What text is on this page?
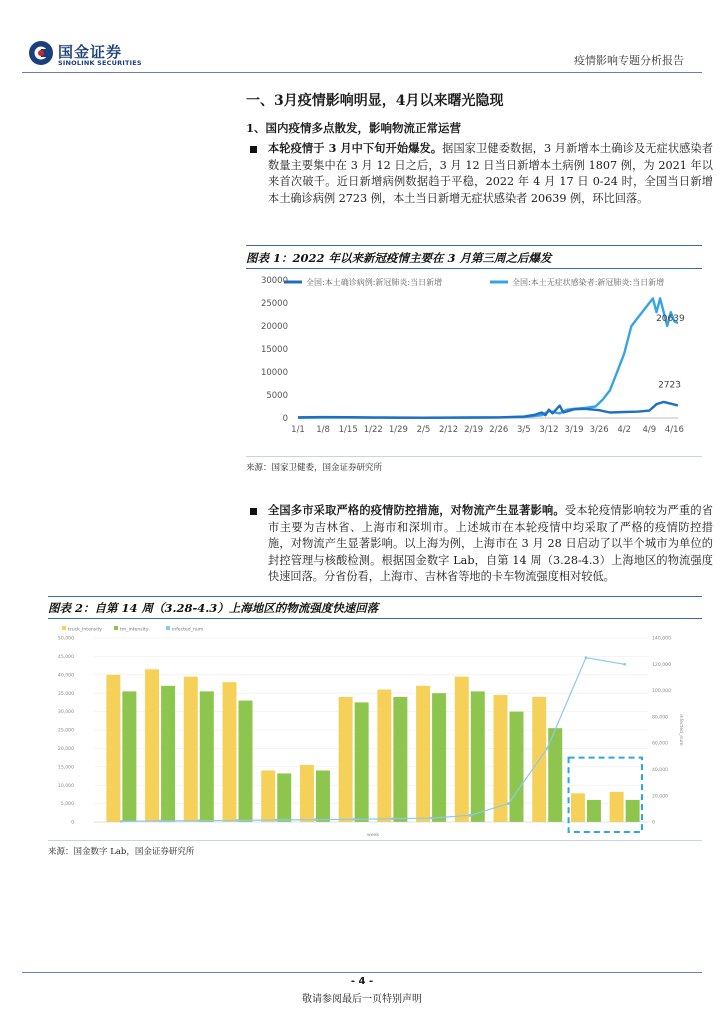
国金证券
SINOLINK SECURITIES	疫情影响专题分析报告
一、3月疫情影响明显，4月以来曙光隐现
1、国内疫情多点散发，影响物流正常运营
本轮疫情于 3 月中下旬开始爆发。据国家卫健委数据，3 月新增本土确诊及无症状感染者数量主要集中在 3 月 12 日之后，3 月 12 日当日新增本土病例 1807 例，为 2021 年以来首次破千。近日新增病例数据趋于平稳，2022 年 4 月 17 日 0-24 时，全国当日新增本土确诊病例 2723 例，本土当日新增无症状感染者 20639 例，环比回落。
图表 1：2022 年以来新冠疫情主要在 3 月第三周之后爆发
全国:本土确诊病例:新冠肺炎:当日新增	全国:本土无症状感染者:新冠肺炎:当日新增
0
5000
10000
15000
20000
25000
30000
1/1 1/8 1/15 1/22 1/29 2/5 2/12 2/19 2/26 3/5 3/12 3/19 3/26 4/2 4/9 4/16
20639
2723
来源：国家卫健委，国金证券研究所
全国多市采取严格的疫情防控措施，对物流产生显著影响。受本轮疫情影响较为严重的省市主要为吉林省、上海市和深圳市。上述城市在本轮疫情中均采取了严格的疫情防控措施，对物流产生显著影响。以上海为例，上海市在 3 月 28 日启动了以半个城市为单位的封控管理与核酸检测。根据国金数字 Lab，自第 14 周（3.28-4.3）上海地区的物流强度快速回落。分省份看，上海市、吉林省等地的卡车物流强度相对较低。
图表 2：自第 14 周（3.28-4.3）上海地区的物流强度快速回落
truck_intensity	tm_intensity	infected_num
0
5,000
10,000
15,000
20,000
25,000
30,000
35,000
40,000
45,000
50,000
0
20,000
40,000
60,000
80,000
100,000
120,000
140,000
infected_num
week
来源：国金数字 Lab，国金证券研究所
- 4 -
敬请参阅最后一页特别声明
